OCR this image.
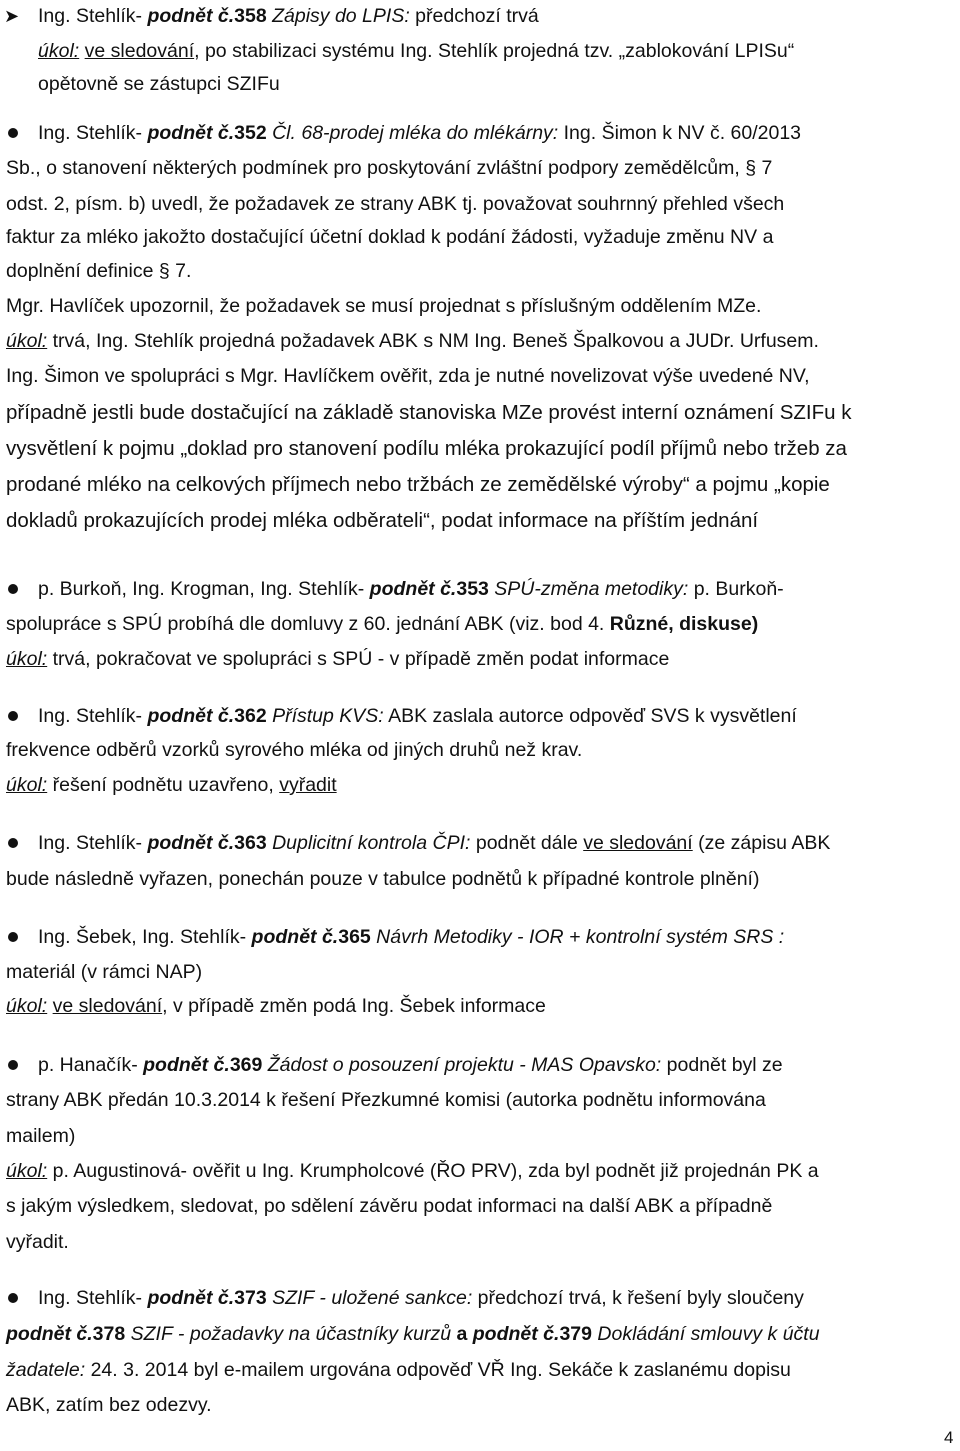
➤ Ing. Stehlík- podnět č.358 Zápisy do LPIS: předchozí trvá
úkol: ve sledování, po stabilizaci systému Ing. Stehlík projedná tzv. „zablokování LPISu“
opětovně se zástupci SZIFu
Ing. Stehlík- podnět č.352 Čl. 68-prodej mléka do mlékárny: Ing. Šimon k NV č. 60/2013
Sb., o stanovení některých podmínek pro poskytování zvláštní podpory zemědělcům, § 7
odst. 2, písm. b) uvedl, že požadavek ze strany ABK tj. považovat souhrnný přehled všech
faktur za mléko jakožto dostačující účetní doklad k podání žádosti, vyžaduje změnu NV a
doplnění definice § 7.
Mgr. Havlíček upozornil, že požadavek se musí projednat s příslušným oddělením MZe.
úkol: trvá, Ing. Stehlík projedná požadavek ABK s NM Ing. Beneš Špalkovou a JUDr. Urfusem.
Ing. Šimon ve spolupráci s Mgr. Havlíčkem ověřit, zda je nutné novelizovat výše uvedené NV,
případně jestli bude dostačující na základě stanoviska MZe provést interní oznámení SZIFu k
vysvětlení k pojmu „doklad pro stanovení podílu mléka prokazující podíl příjmů nebo tržeb za
prodané mléko na celkových příjmech nebo tržbách ze zemědělské výroby“ a pojmu „kopie
dokladů prokazujících prodej mléka odběrateli“, podat informace na příštím jednání
p. Burkoň, Ing. Krogman, Ing. Stehlík- podnět č.353 SPÚ-změna metodiky: p. Burkoň-
spolupráce s SPÚ probíhá dle domluvy z 60. jednání ABK (viz. bod 4. Různé, diskuse)
úkol: trvá, pokračovat ve spolupráci s SPÚ - v případě změn podat informace
Ing. Stehlík- podnět č.362 Přístup KVS: ABK zaslala autorce odpověď SVS k vysvětlení
frekvence odběrů vzorků syrového mléka od jiných druhů než krav.
úkol: řešení podnětu uzavřeno, vyřadit
Ing. Stehlík- podnět č.363 Duplicitní kontrola ČPI: podnět dále ve sledování (ze zápisu ABK
bude následně vyřazen, ponechán pouze v tabulce podnětů k případné kontrole plnění)
Ing. Šebek, Ing. Stehlík- podnět č.365 Návrh Metodiky - IOR + kontrolní systém SRS :
materiál (v rámci NAP)
úkol: ve sledování, v případě změn podá Ing. Šebek informace
p. Hanačík- podnět č.369 Žádost o posouzení projektu - MAS Opavsko: podnět byl ze
strany ABK předán 10.3.2014 k řešení Přezkumné komisi (autorka podnětu informována
mailem)
úkol: p. Augustinová- ověřit u Ing. Krumpholcové (ŘO PRV), zda byl podnět již projednán PK a
s jakým výsledkem, sledovat, po sdělení závěru podat informaci na další ABK a případně
vyřadit.
Ing. Stehlík- podnět č.373 SZIF - uložené sankce: předchozí trvá, k řešení byly sloučeny
podnět č.378 SZIF - požadavky na účastníky kurzů a podnět č.379 Dokládání smlouvy k účtu
žadatele: 24. 3. 2014 byl e-mailem urgována odpověď VŘ Ing. Sekáče k zaslanému dopisu
ABK, zatím bez odezvy.
4
